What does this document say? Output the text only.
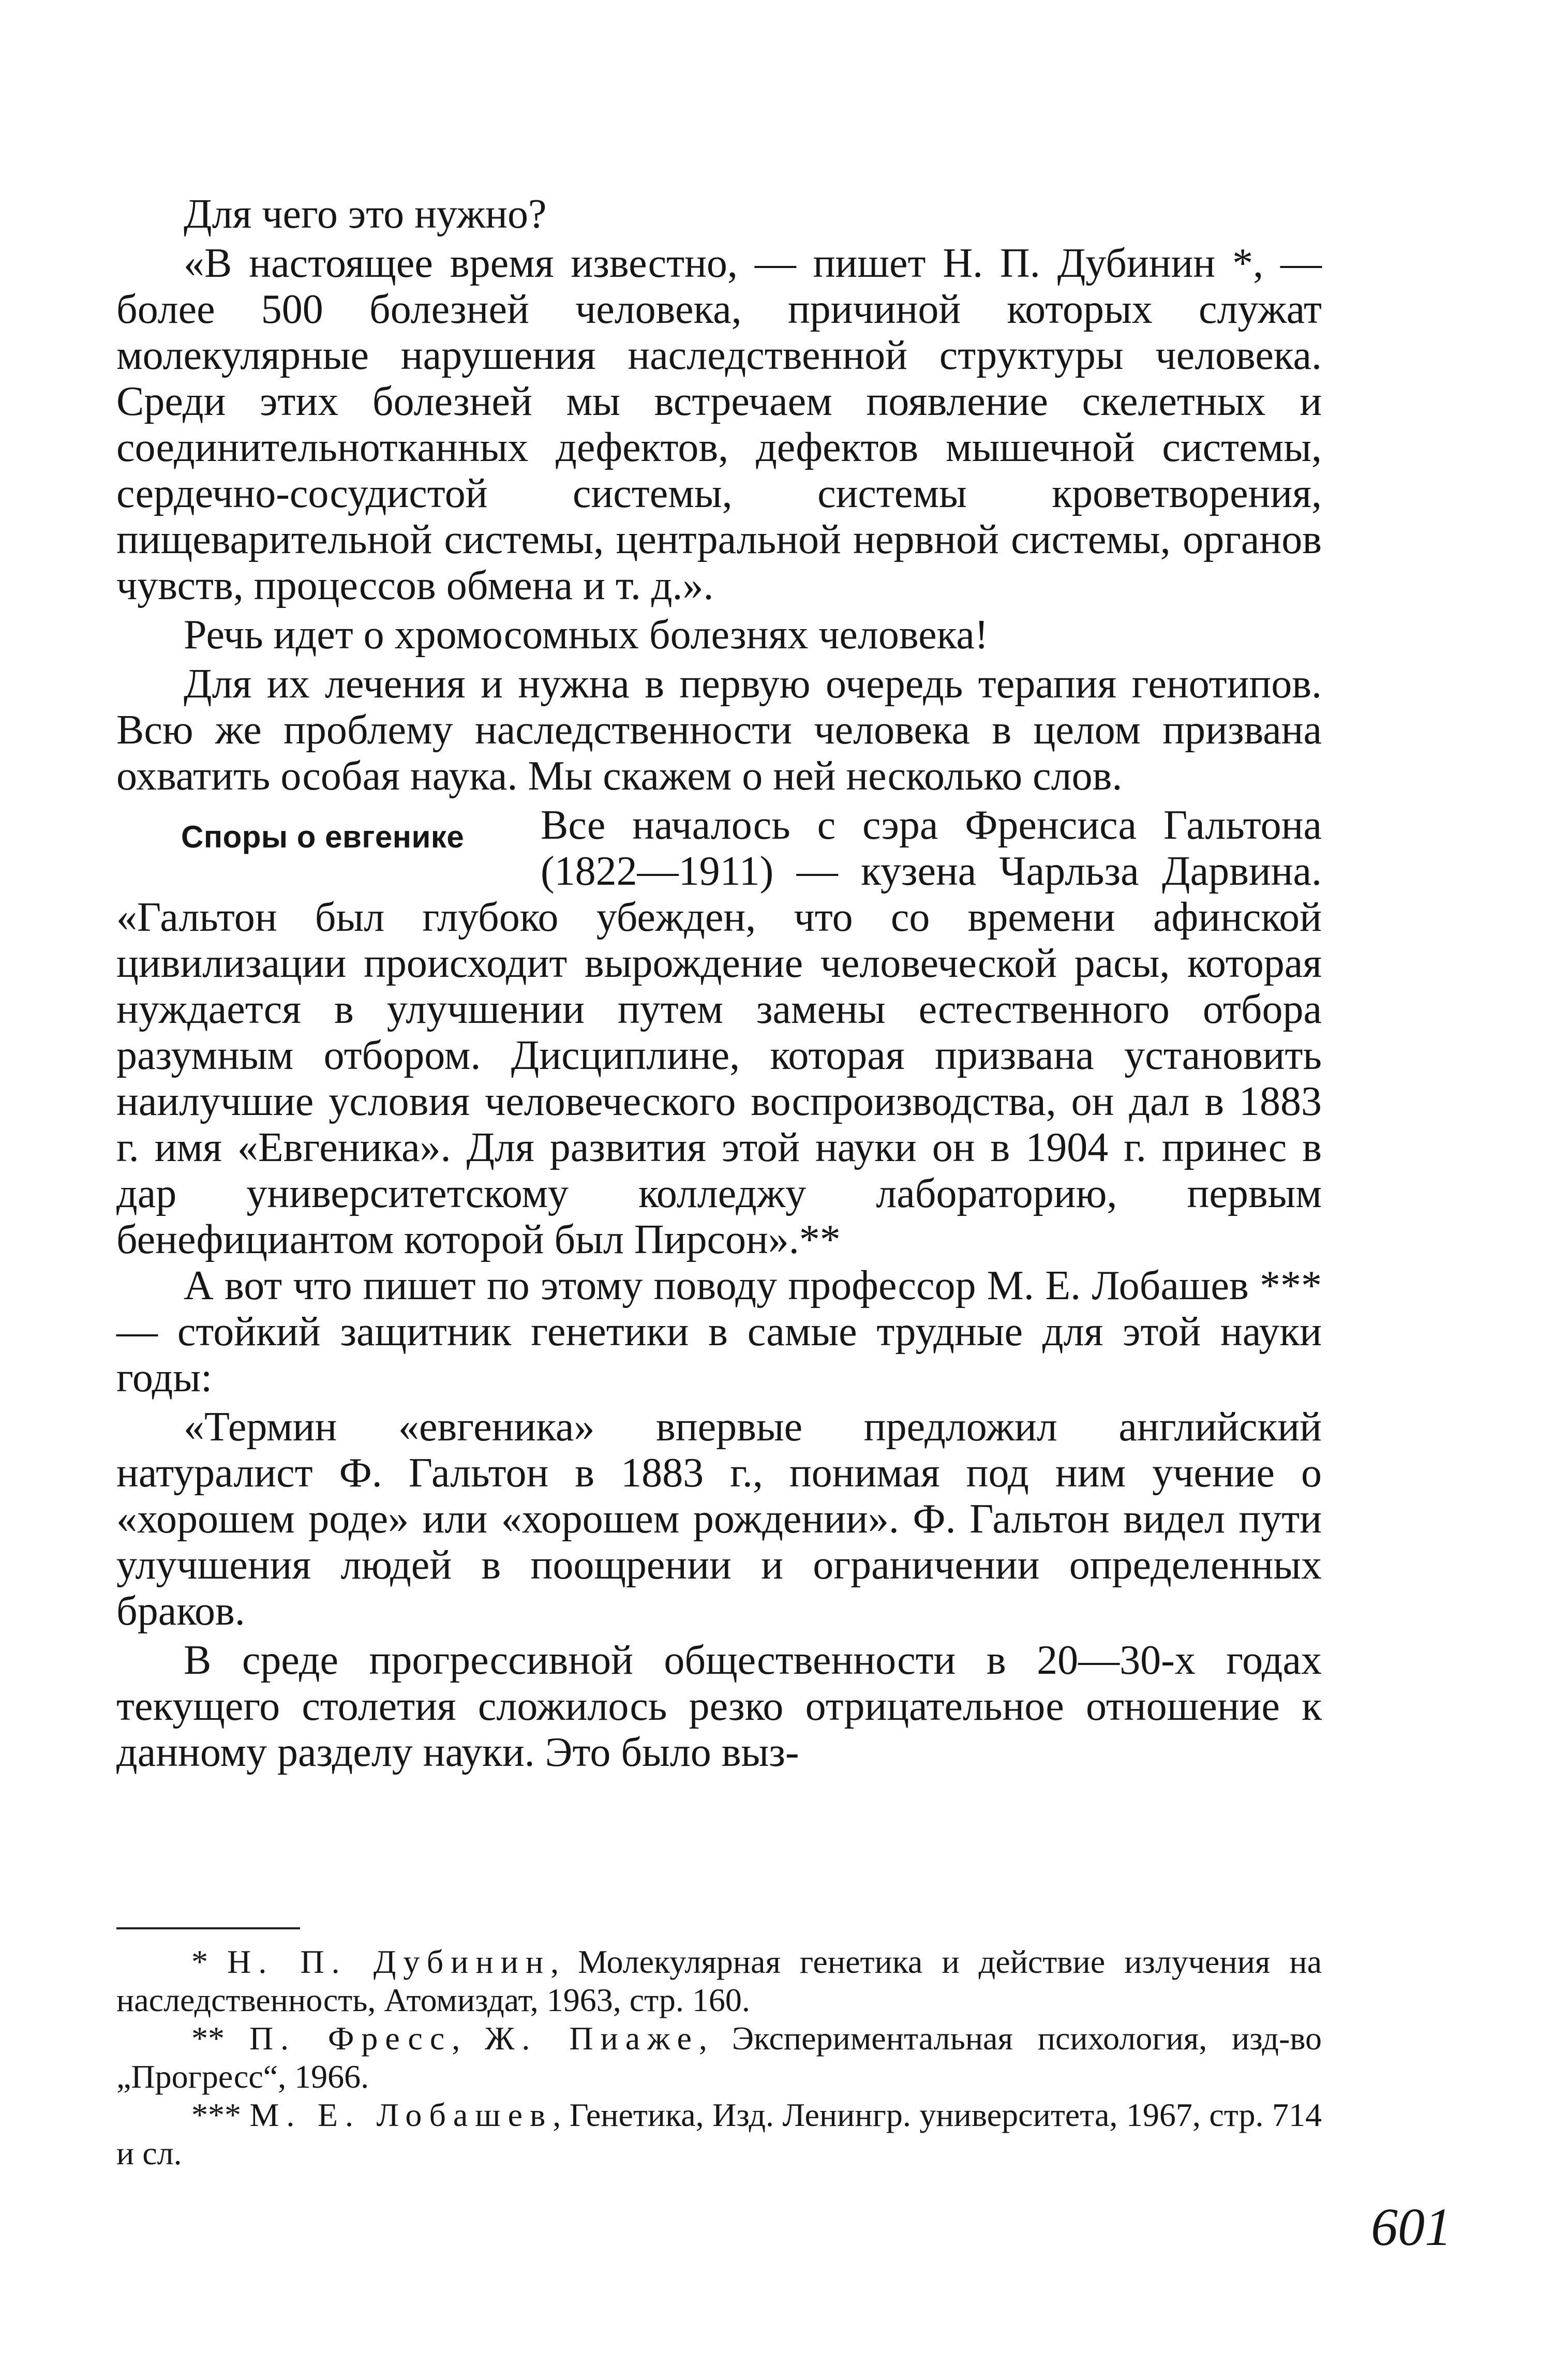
Для чего это нужно?

«В настоящее время известно, — пишет Н. П. Дубинин *, — более 500 болезней человека, причиной которых служат молекулярные нарушения наследственной структуры человека. Среди этих болезней мы встречаем появление скелетных и соединительнотканных дефектов, дефектов мышечной системы, сердечно-сосудистой системы, системы кроветворения, пищеварительной системы, центральной нервной системы, органов чувств, процессов обмена и т. д.».

Речь идет о хромосомных болезнях человека!

Для их лечения и нужна в первую очередь терапия генотипов. Всю же проблему наследственности человека в целом призвана охватить особая наука. Мы скажем о ней несколько слов.

Споры о евгенике	Все началось с сэра Френсиса Гальтона (1822—1911) — кузена Чарльза Дарвина. «Гальтон был глубоко убежден, что со времени афинской цивилизации происходит вырождение человеческой расы, которая нуждается в улучшении путем замены естественного отбора разумным отбором. Дисциплине, которая призвана установить наилучшие условия человеческого воспроизводства, он дал в 1883 г. имя «Евгеника». Для развития этой науки он в 1904 г. принес в дар университетскому колледжу лабораторию, первым бенефициантом которой был Пирсон».**

А вот что пишет по этому поводу профессор М. Е. Лобашев *** — стойкий защитник генетики в самые трудные для этой науки годы:

«Термин «евгеника» впервые предложил английский натуралист Ф. Гальтон в 1883 г., понимая под ним учение о «хорошем роде» или «хорошем рождении». Ф. Гальтон видел пути улучшения людей в поощрении и ограничении определенных браков.

В среде прогрессивной общественности в 20—30-х годах текущего столетия сложилось резко отрицательное отношение к данному разделу науки. Это было выз-

* Н. П. Дубинин, Молекулярная генетика и действие излучения на наследственность, Атомиздат, 1963, стр. 160.

** П. Фресс, Ж. Пиаже, Экспериментальная психология, изд-во „Прогресс“, 1966.

*** М. Е. Лобашев, Генетика, Изд. Ленингр. университета, 1967, стр. 714 и сл.

601
